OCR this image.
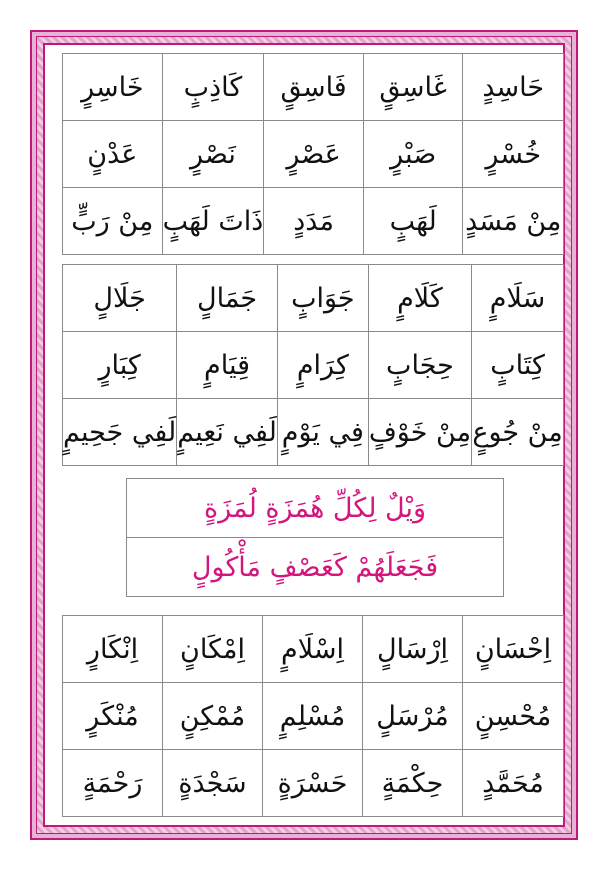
حَاسِدٍ
غَاسِقٍ
فَاسِقٍ
كَاذِبٍ
خَاسِرٍ
خُسْرٍ
صَبْرٍ
عَصْرٍ
نَصْرٍ
عَدْنٍ
مِنْ مَسَدٍ
لَهَبٍ
مَدَدٍ
ذَاتَ لَهَبٍ
مِنْ رَبٍّ
سَلَامٍ
كَلَامٍ
جَوَابٍ
جَمَالٍ
جَلَالٍ
كِتَابٍ
حِجَابٍ
كِرَامٍ
قِيَامٍ
كِبَارٍ
مِنْ جُوعٍ
مِنْ خَوْفٍ
فِي يَوْمٍ
لَفِي نَعِيمٍ
لَفِي جَحِيمٍ
وَيْلٌ لِكُلِّ هُمَزَةٍ لُمَزَةٍ
فَجَعَلَهُمْ كَعَصْفٍ مَأْكُولٍ
اِحْسَانٍ
اِرْسَالٍ
اِسْلَامٍ
اِمْكَانٍ
اِنْكَارٍ
مُحْسِنٍ
مُرْسَلٍ
مُسْلِمٍ
مُمْكِنٍ
مُنْكَرٍ
مُحَمَّدٍ
حِكْمَةٍ
حَسْرَةٍ
سَجْدَةٍ
رَحْمَةٍ
